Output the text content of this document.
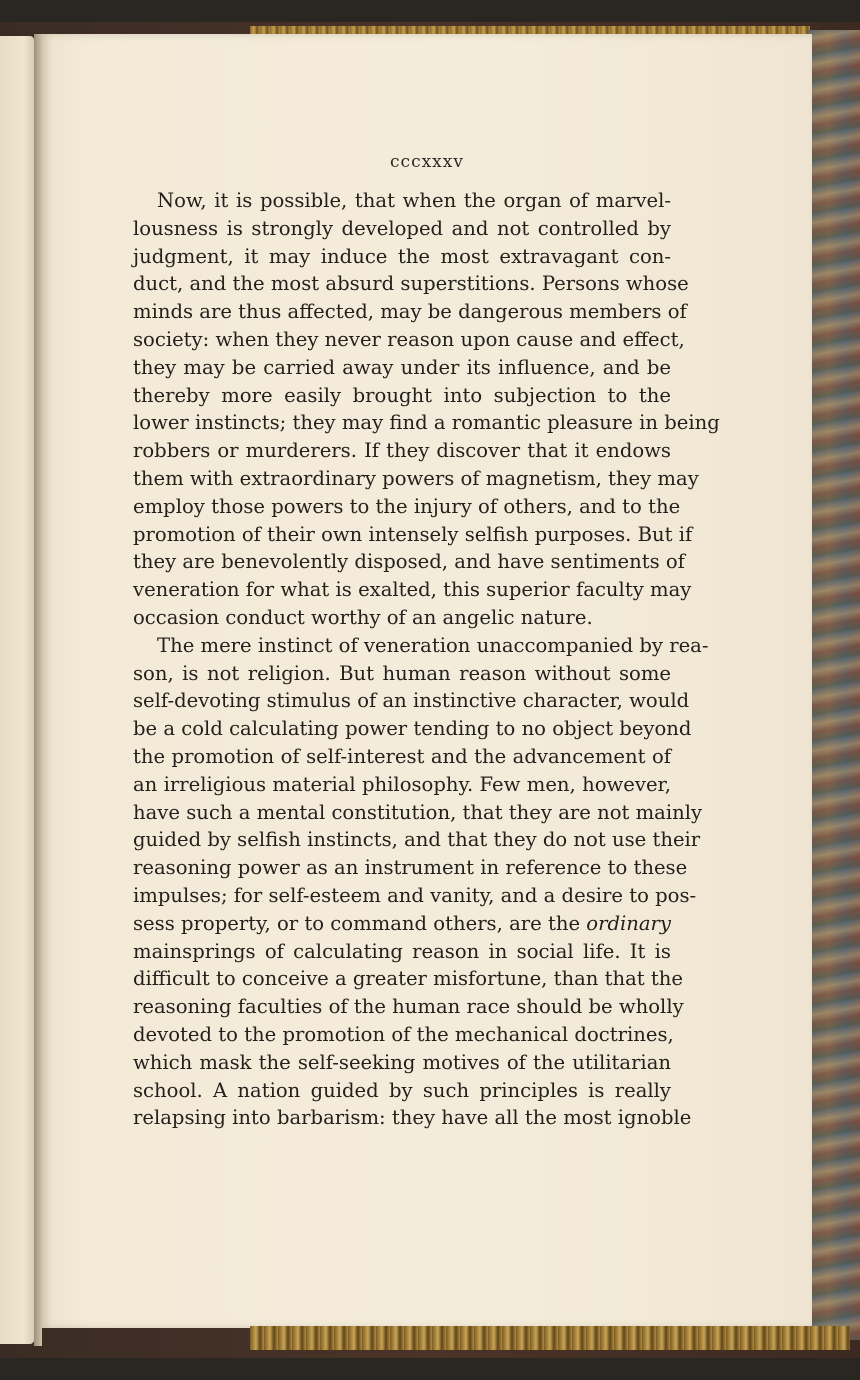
cccxxxv
Now, it is possible, that when the organ of marvel-
lousness is strongly developed and not controlled by
judgment, it may induce the most extravagant con-
duct, and the most absurd superstitions. Persons whose
minds are thus affected, may be dangerous members of
society: when they never reason upon cause and effect,
they may be carried away under its influence, and be
thereby more easily brought into subjection to the
lower instincts; they may find a romantic pleasure in being
robbers or murderers. If they discover that it endows
them with extraordinary powers of magnetism, they may
employ those powers to the injury of others, and to the
promotion of their own intensely selfish purposes. But if
they are benevolently disposed, and have sentiments of
veneration for what is exalted, this superior faculty may
occasion conduct worthy of an angelic nature.
The mere instinct of veneration unaccompanied by rea-
son, is not religion. But human reason without some
self-devoting stimulus of an instinctive character, would
be a cold calculating power tending to no object beyond
the promotion of self-interest and the advancement of
an irreligious material philosophy. Few men, however,
have such a mental constitution, that they are not mainly
guided by selfish instincts, and that they do not use their
reasoning power as an instrument in reference to these
impulses; for self-esteem and vanity, and a desire to pos-
sess property, or to command others, are the ordinary
mainsprings of calculating reason in social life. It is
difficult to conceive a greater misfortune, than that the
reasoning faculties of the human race should be wholly
devoted to the promotion of the mechanical doctrines,
which mask the self-seeking motives of the utilitarian
school. A nation guided by such principles is really
relapsing into barbarism: they have all the most ignoble
